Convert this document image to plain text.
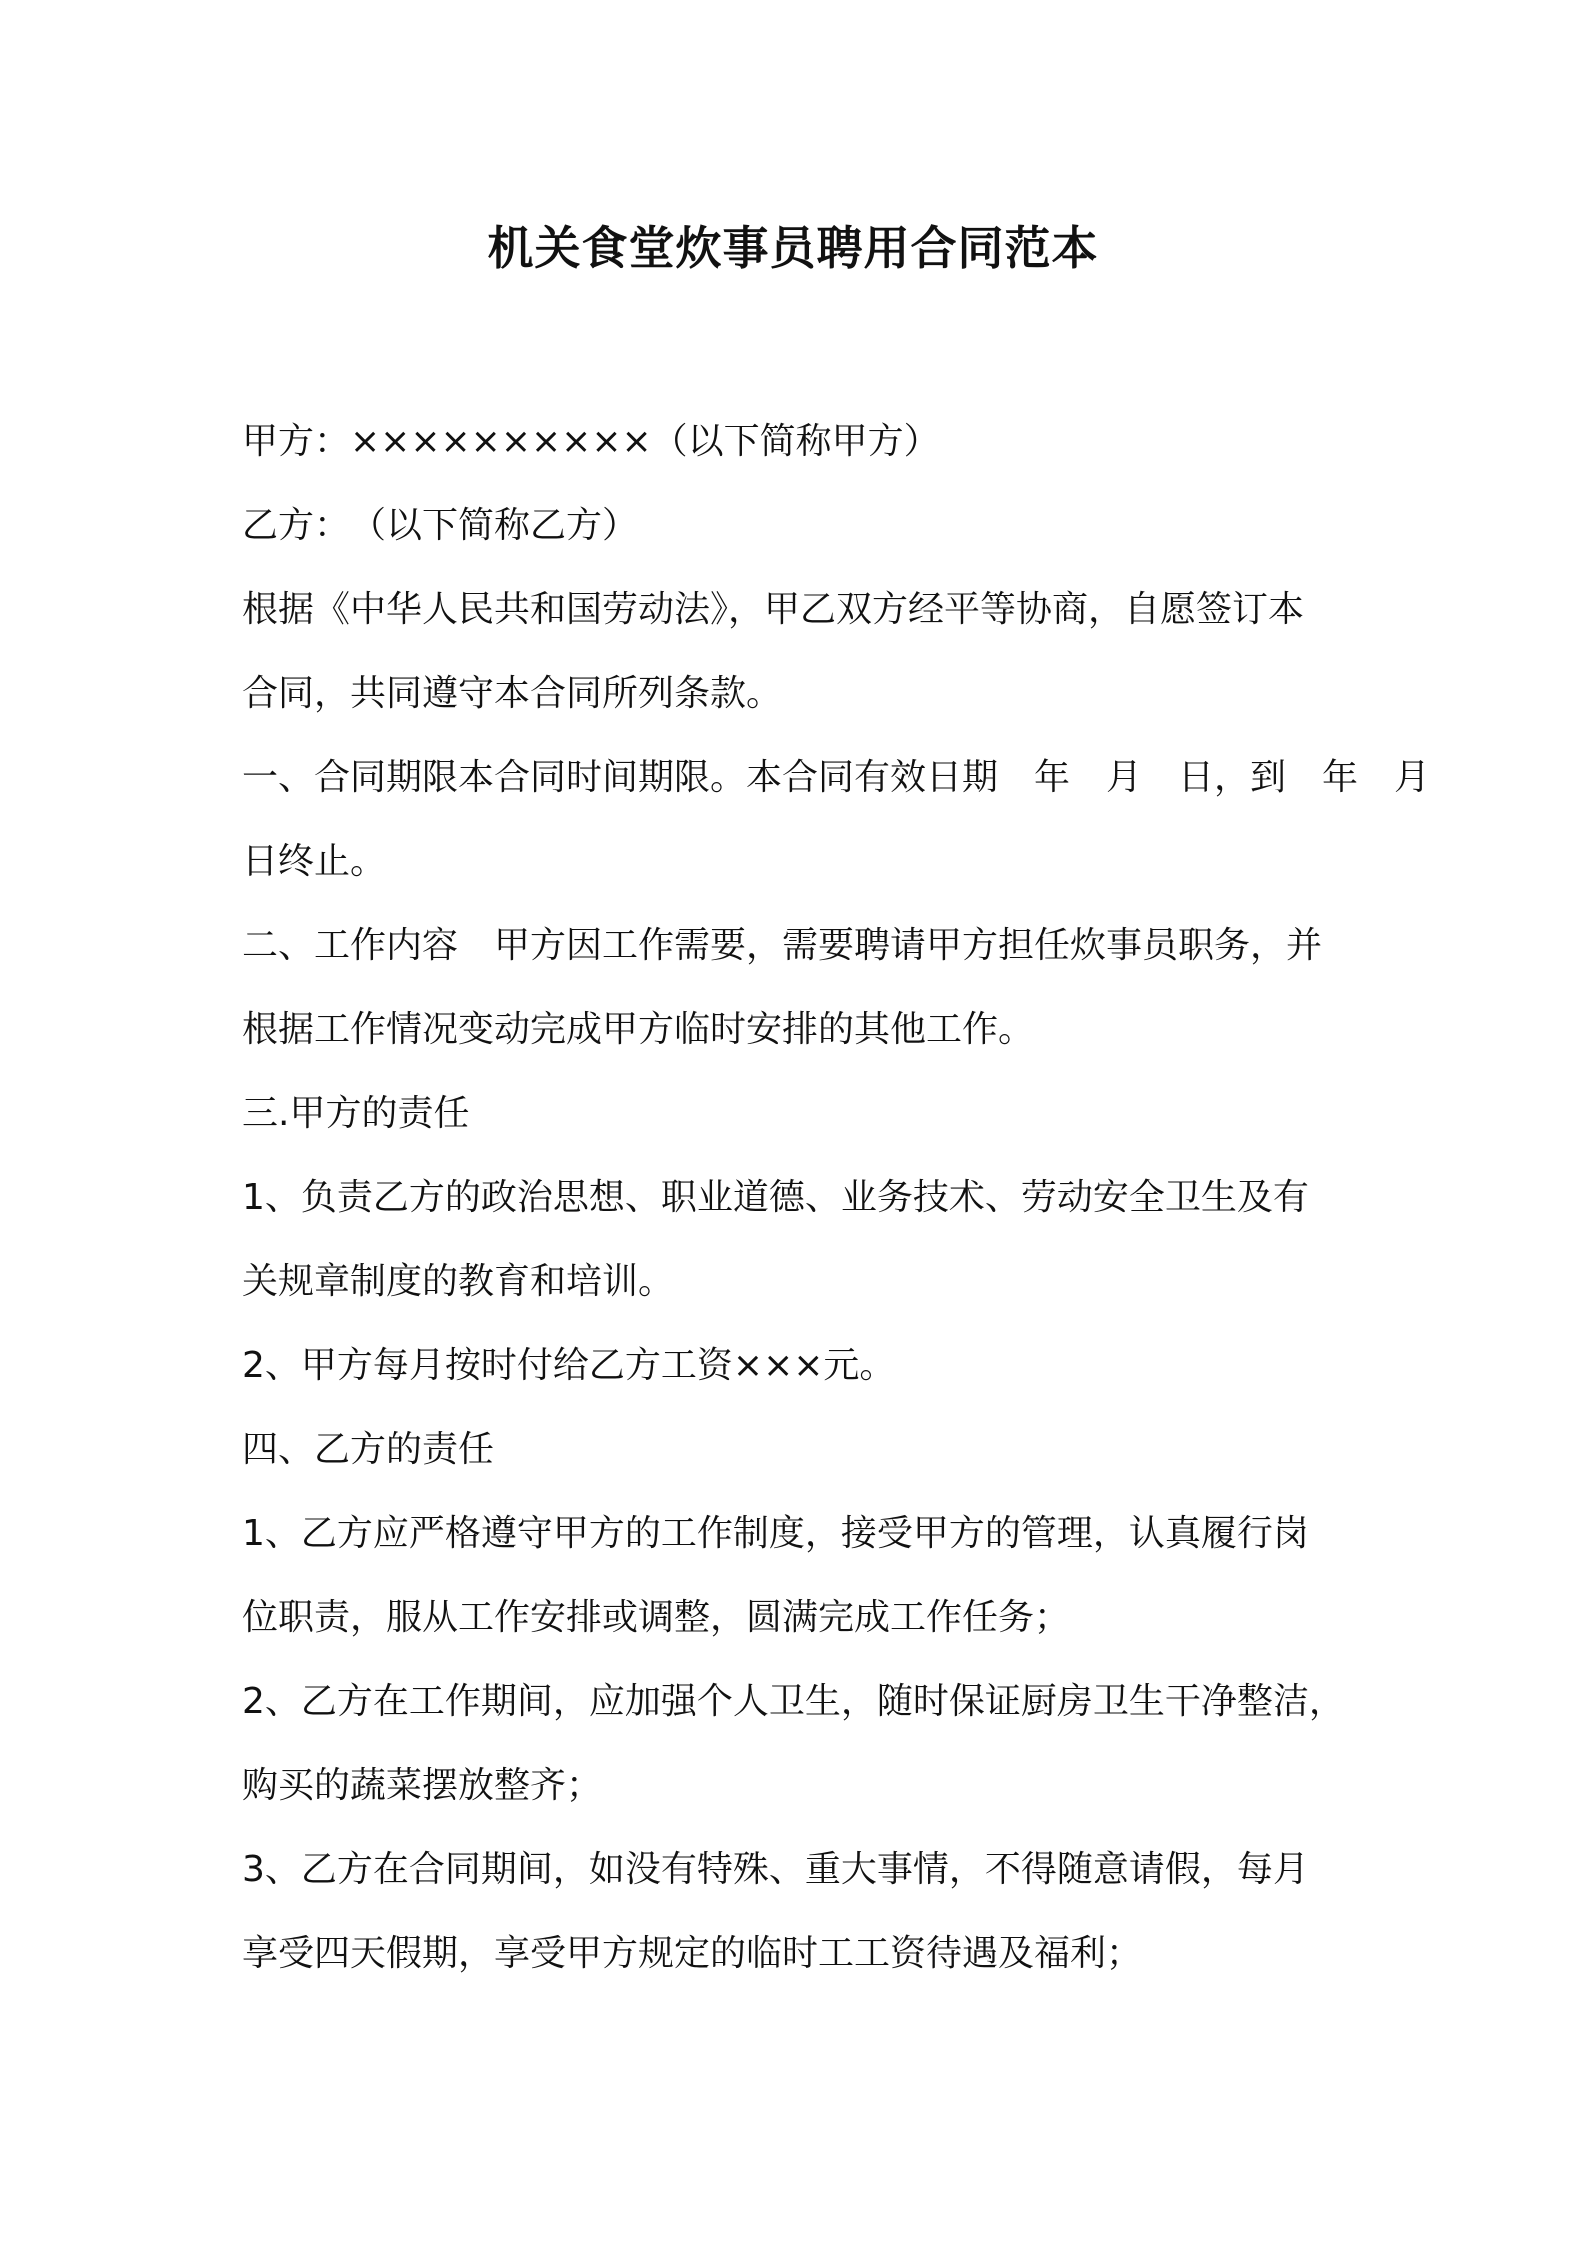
机关食堂炊事员聘用合同范本

甲方：××××××××××（以下简称甲方）

乙方：　（以下简称乙方）

根据《中华人民共和国劳动法》，甲乙双方经平等协商，自愿签订本

合同，共同遵守本合同所列条款。

一、合同期限本合同时间期限。本合同有效日期　年　月　日，到　年　月

日终止。

二、工作内容　甲方因工作需要，需要聘请甲方担任炊事员职务，并

根据工作情况变动完成甲方临时安排的其他工作。

三.甲方的责任

1、负责乙方的政治思想、职业道德、业务技术、劳动安全卫生及有

关规章制度的教育和培训。

2、甲方每月按时付给乙方工资×××元。

四、乙方的责任

1、乙方应严格遵守甲方的工作制度，接受甲方的管理，认真履行岗

位职责，服从工作安排或调整，圆满完成工作任务；

2、乙方在工作期间，应加强个人卫生，随时保证厨房卫生干净整洁，

购买的蔬菜摆放整齐；

3、乙方在合同期间，如没有特殊、重大事情，不得随意请假，每月

享受四天假期，享受甲方规定的临时工工资待遇及福利；
